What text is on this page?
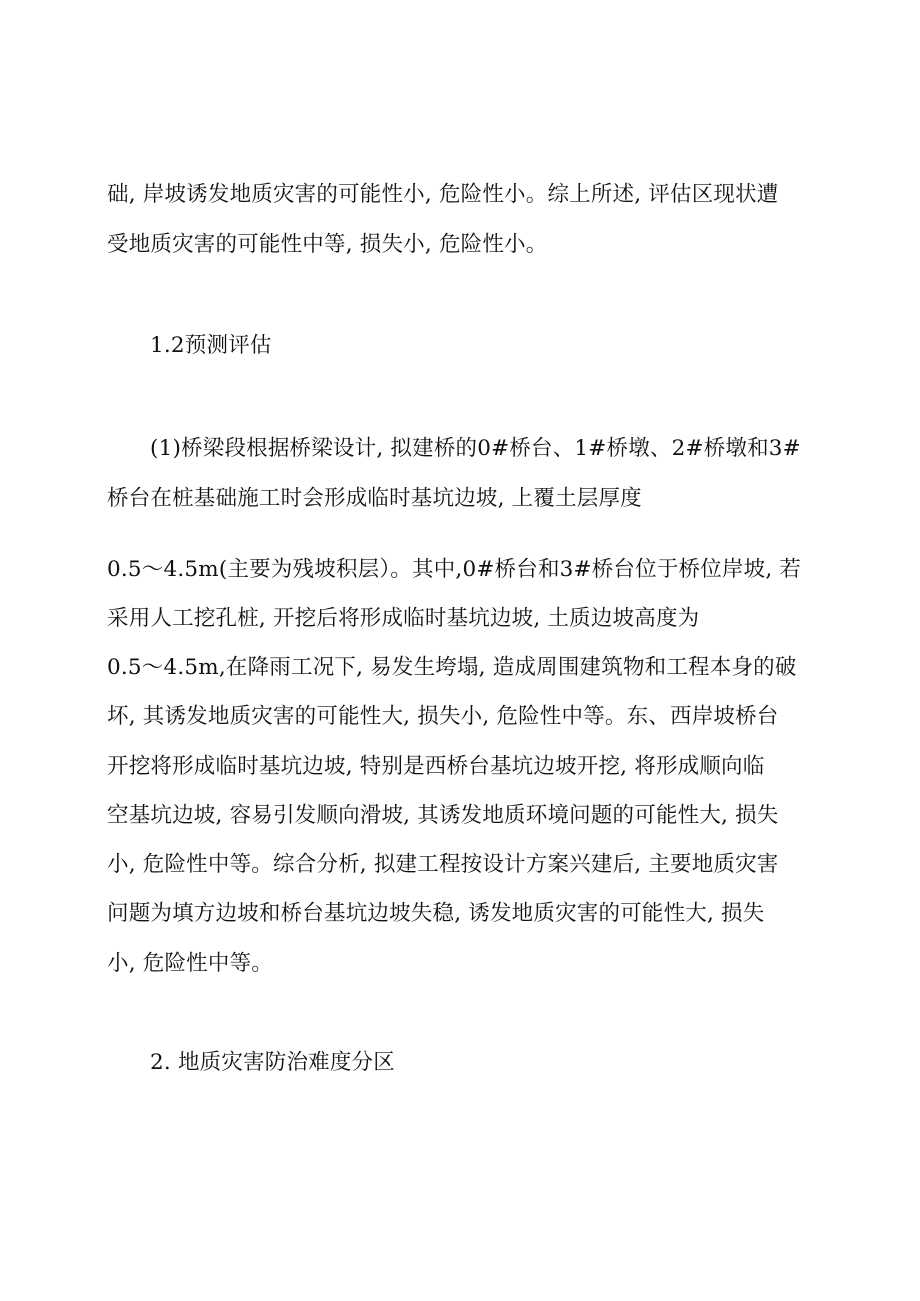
础, 岸坡诱发地质灾害的可能性小, 危险性小。综上所述, 评估区现状遭
受地质灾害的可能性中等, 损失小, 危险性小。
1.2预测评估
(1)桥梁段根据桥梁设计, 拟建桥的0#桥台、1#桥墩、2#桥墩和3#
桥台在桩基础施工时会形成临时基坑边坡, 上覆土层厚度
0.5～4.5m(主要为残坡积层）。其中,0#桥台和3#桥台位于桥位岸坡, 若
采用人工挖孔桩, 开挖后将形成临时基坑边坡, 土质边坡高度为
0.5～4.5m,在降雨工况下, 易发生垮塌, 造成周围建筑物和工程本身的破
坏, 其诱发地质灾害的可能性大, 损失小, 危险性中等。东、西岸坡桥台
开挖将形成临时基坑边坡, 特别是西桥台基坑边坡开挖, 将形成顺向临
空基坑边坡, 容易引发顺向滑坡, 其诱发地质环境问题的可能性大, 损失
小, 危险性中等。综合分析, 拟建工程按设计方案兴建后, 主要地质灾害
问题为填方边坡和桥台基坑边坡失稳, 诱发地质灾害的可能性大, 损失
小, 危险性中等。
2. 地质灾害防治难度分区
